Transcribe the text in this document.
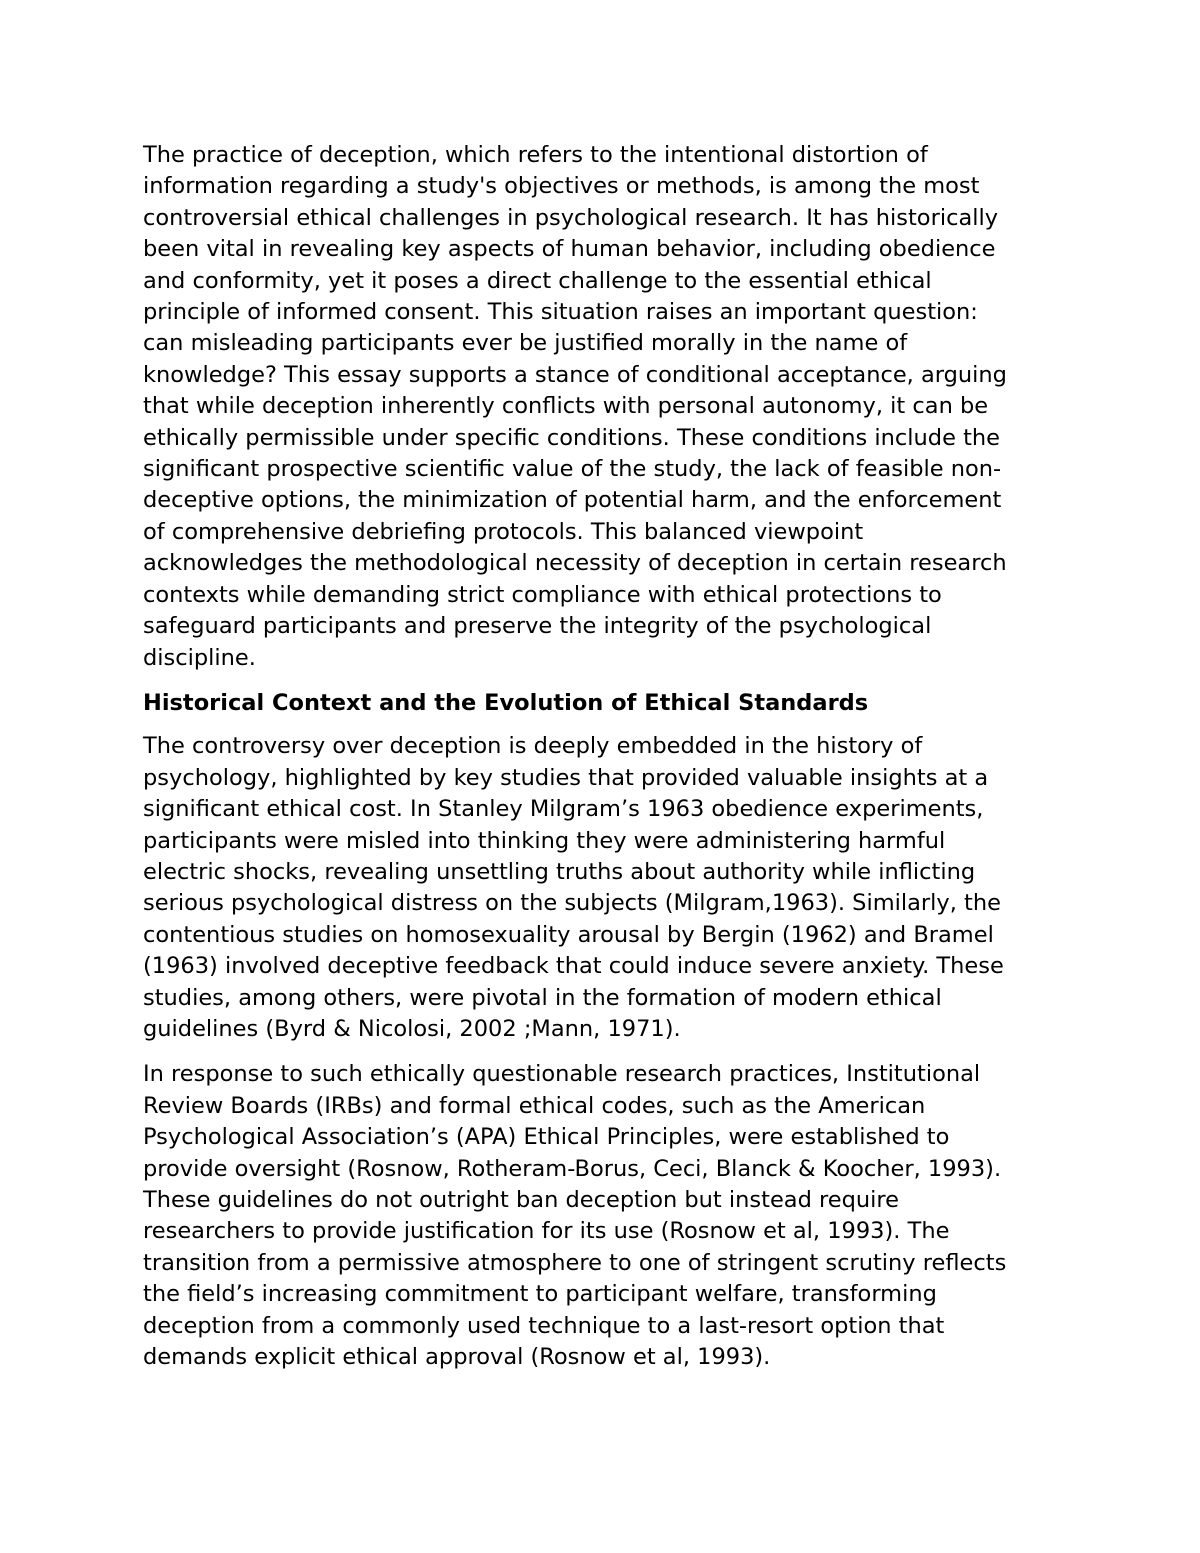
The practice of deception, which refers to the intentional distortion of
information regarding a study's objectives or methods, is among the most
controversial ethical challenges in psychological research. It has historically
been vital in revealing key aspects of human behavior, including obedience
and conformity, yet it poses a direct challenge to the essential ethical
principle of informed consent. This situation raises an important question:
can misleading participants ever be justified morally in the name of
knowledge? This essay supports a stance of conditional acceptance, arguing
that while deception inherently conflicts with personal autonomy, it can be
ethically permissible under specific conditions. These conditions include the
significant prospective scientific value of the study, the lack of feasible non-
deceptive options, the minimization of potential harm, and the enforcement
of comprehensive debriefing protocols. This balanced viewpoint
acknowledges the methodological necessity of deception in certain research
contexts while demanding strict compliance with ethical protections to
safeguard participants and preserve the integrity of the psychological
discipline.

Historical Context and the Evolution of Ethical Standards

The controversy over deception is deeply embedded in the history of
psychology, highlighted by key studies that provided valuable insights at a
significant ethical cost. In Stanley Milgram’s 1963 obedience experiments,
participants were misled into thinking they were administering harmful
electric shocks, revealing unsettling truths about authority while inflicting
serious psychological distress on the subjects (Milgram,1963). Similarly, the
contentious studies on homosexuality arousal by Bergin (1962) and Bramel
(1963) involved deceptive feedback that could induce severe anxiety. These
studies, among others, were pivotal in the formation of modern ethical
guidelines (Byrd & Nicolosi, 2002 ;Mann, 1971).

In response to such ethically questionable research practices, Institutional
Review Boards (IRBs) and formal ethical codes, such as the American
Psychological Association’s (APA) Ethical Principles, were established to
provide oversight (Rosnow, Rotheram-Borus, Ceci, Blanck & Koocher, 1993).
These guidelines do not outright ban deception but instead require
researchers to provide justification for its use (Rosnow et al, 1993). The
transition from a permissive atmosphere to one of stringent scrutiny reflects
the field’s increasing commitment to participant welfare, transforming
deception from a commonly used technique to a last-resort option that
demands explicit ethical approval (Rosnow et al, 1993).
